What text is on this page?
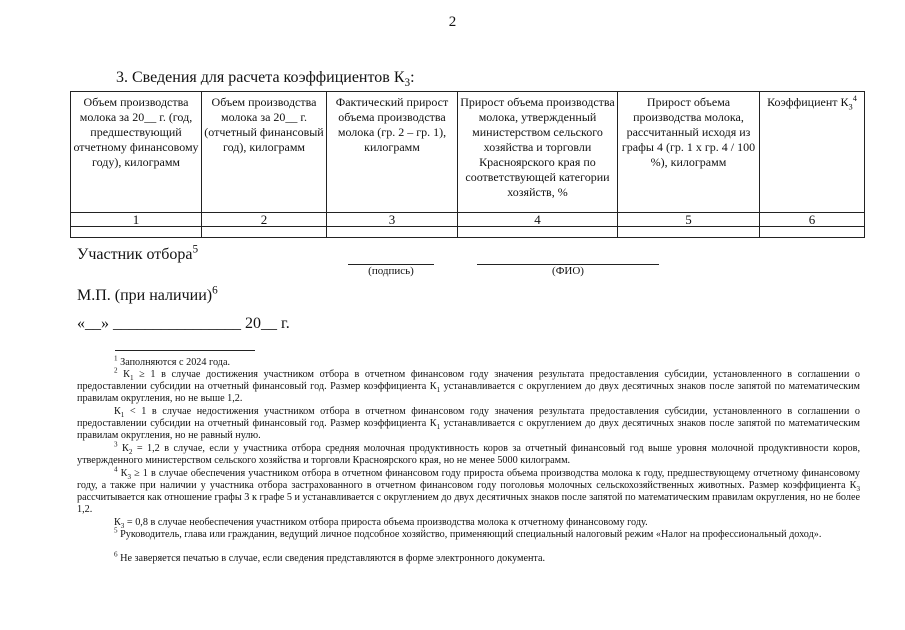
2
3. Сведения для расчета коэффициентов $К_3$:
Объем производства молока за 20__ г. (год, предшествующий отчетному финансовому году), килограмм	Объем производства молока за 20__ г. (отчетный финансовый год), килограмм	Фактический прирост объема производства молока (гр. 2 – гр. 1), килограмм	Прирост объема производства молока, утвержденный министерством сельского хозяйства и торговли Красноярского края по соответствующей категории хозяйств, %	Прирост объема производства молока, рассчитанный исходя из графы 4 (гр. 1 х гр. 4 / 100 %), килограмм	Коэффициент $К_3^4$
1	2	3	4	5	6

Участник отбора$^5$
(подпись)	(ФИО)
М.П. (при наличии)$^6$
«__» ________________ 20__ г.
$^1$ Заполняются с 2024 года.
$^2$ $К_1 \ge 1$ в случае достижения участником отбора в отчетном финансовом году значения результата предоставления субсидии, установленного в соглашении о предоставлении субсидии на отчетный финансовый год. Размер коэффициента $К_1$ устанавливается с округлением до двух десятичных знаков после запятой по математическим правилам округления, но не выше 1,2.
$К_1 < 1$ в случае недостижения участником отбора в отчетном финансовом году значения результата предоставления субсидии, установленного в соглашении о предоставлении субсидии на отчетный финансовый год. Размер коэффициента $К_1$ устанавливается с округлением до двух десятичных знаков после запятой по математическим правилам округления, но не равный нулю.
$^3$ $К_2 = 1,2$ в случае, если у участника отбора средняя молочная продуктивность коров за отчетный финансовый год выше уровня молочной продуктивности коров, утвержденного министерством сельского хозяйства и торговли Красноярского края, но не менее 5000 килограмм.
$^4$ $К_3 \ge 1$ в случае обеспечения участником отбора в отчетном финансовом году прироста объема производства молока к году, предшествующему отчетному финансовому году, а также при наличии у участника отбора застрахованного в отчетном финансовом году поголовья молочных сельскохозяйственных животных. Размер коэффициента $К_3$ рассчитывается как отношение графы 3 к графе 5 и устанавливается с округлением до двух десятичных знаков после запятой по математическим правилам округления, но не более 1,2.
$К_3 = 0,8$ в случае необеспечения участником отбора прироста объема производства молока к отчетному финансовому году.
$^5$ Руководитель, глава или гражданин, ведущий личное подсобное хозяйство, применяющий специальный налоговый режим «Налог на профессиональный доход».
$^6$ Не заверяется печатью в случае, если сведения представляются в форме электронного документа.
